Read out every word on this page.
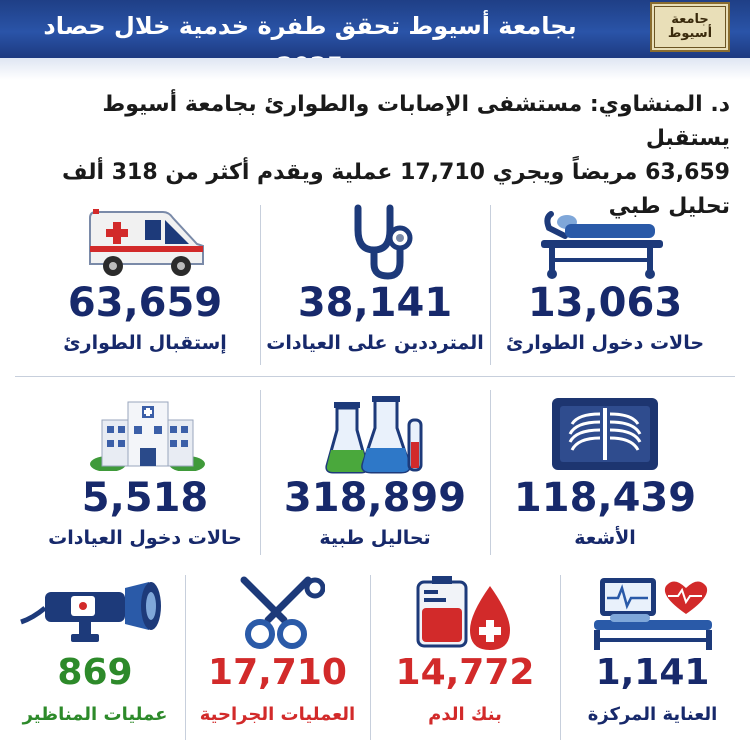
بجامعة أسيوط تحقق طفرة خدمية خلال حصاد	جامعة
أسيوط
د. المنشاوي: مستشفى الإصابات والطوارئ بجامعة أسيوط يستقبل
63,659 مريضاً ويجري 17,710 عملية ويقدم أكثر من 318 ألف تحليل طبي
63,659
إستقبال الطوارئ
38,141
المترددين على العيادات
13,063
حالات دخول الطوارئ
5,518
حالات دخول العيادات
318,899
تحاليل طبية
118,439
الأشعة
869
عمليات المناظير
17,710
العمليات الجراحية
14,772
بنك الدم
1,141
العناية المركزة
